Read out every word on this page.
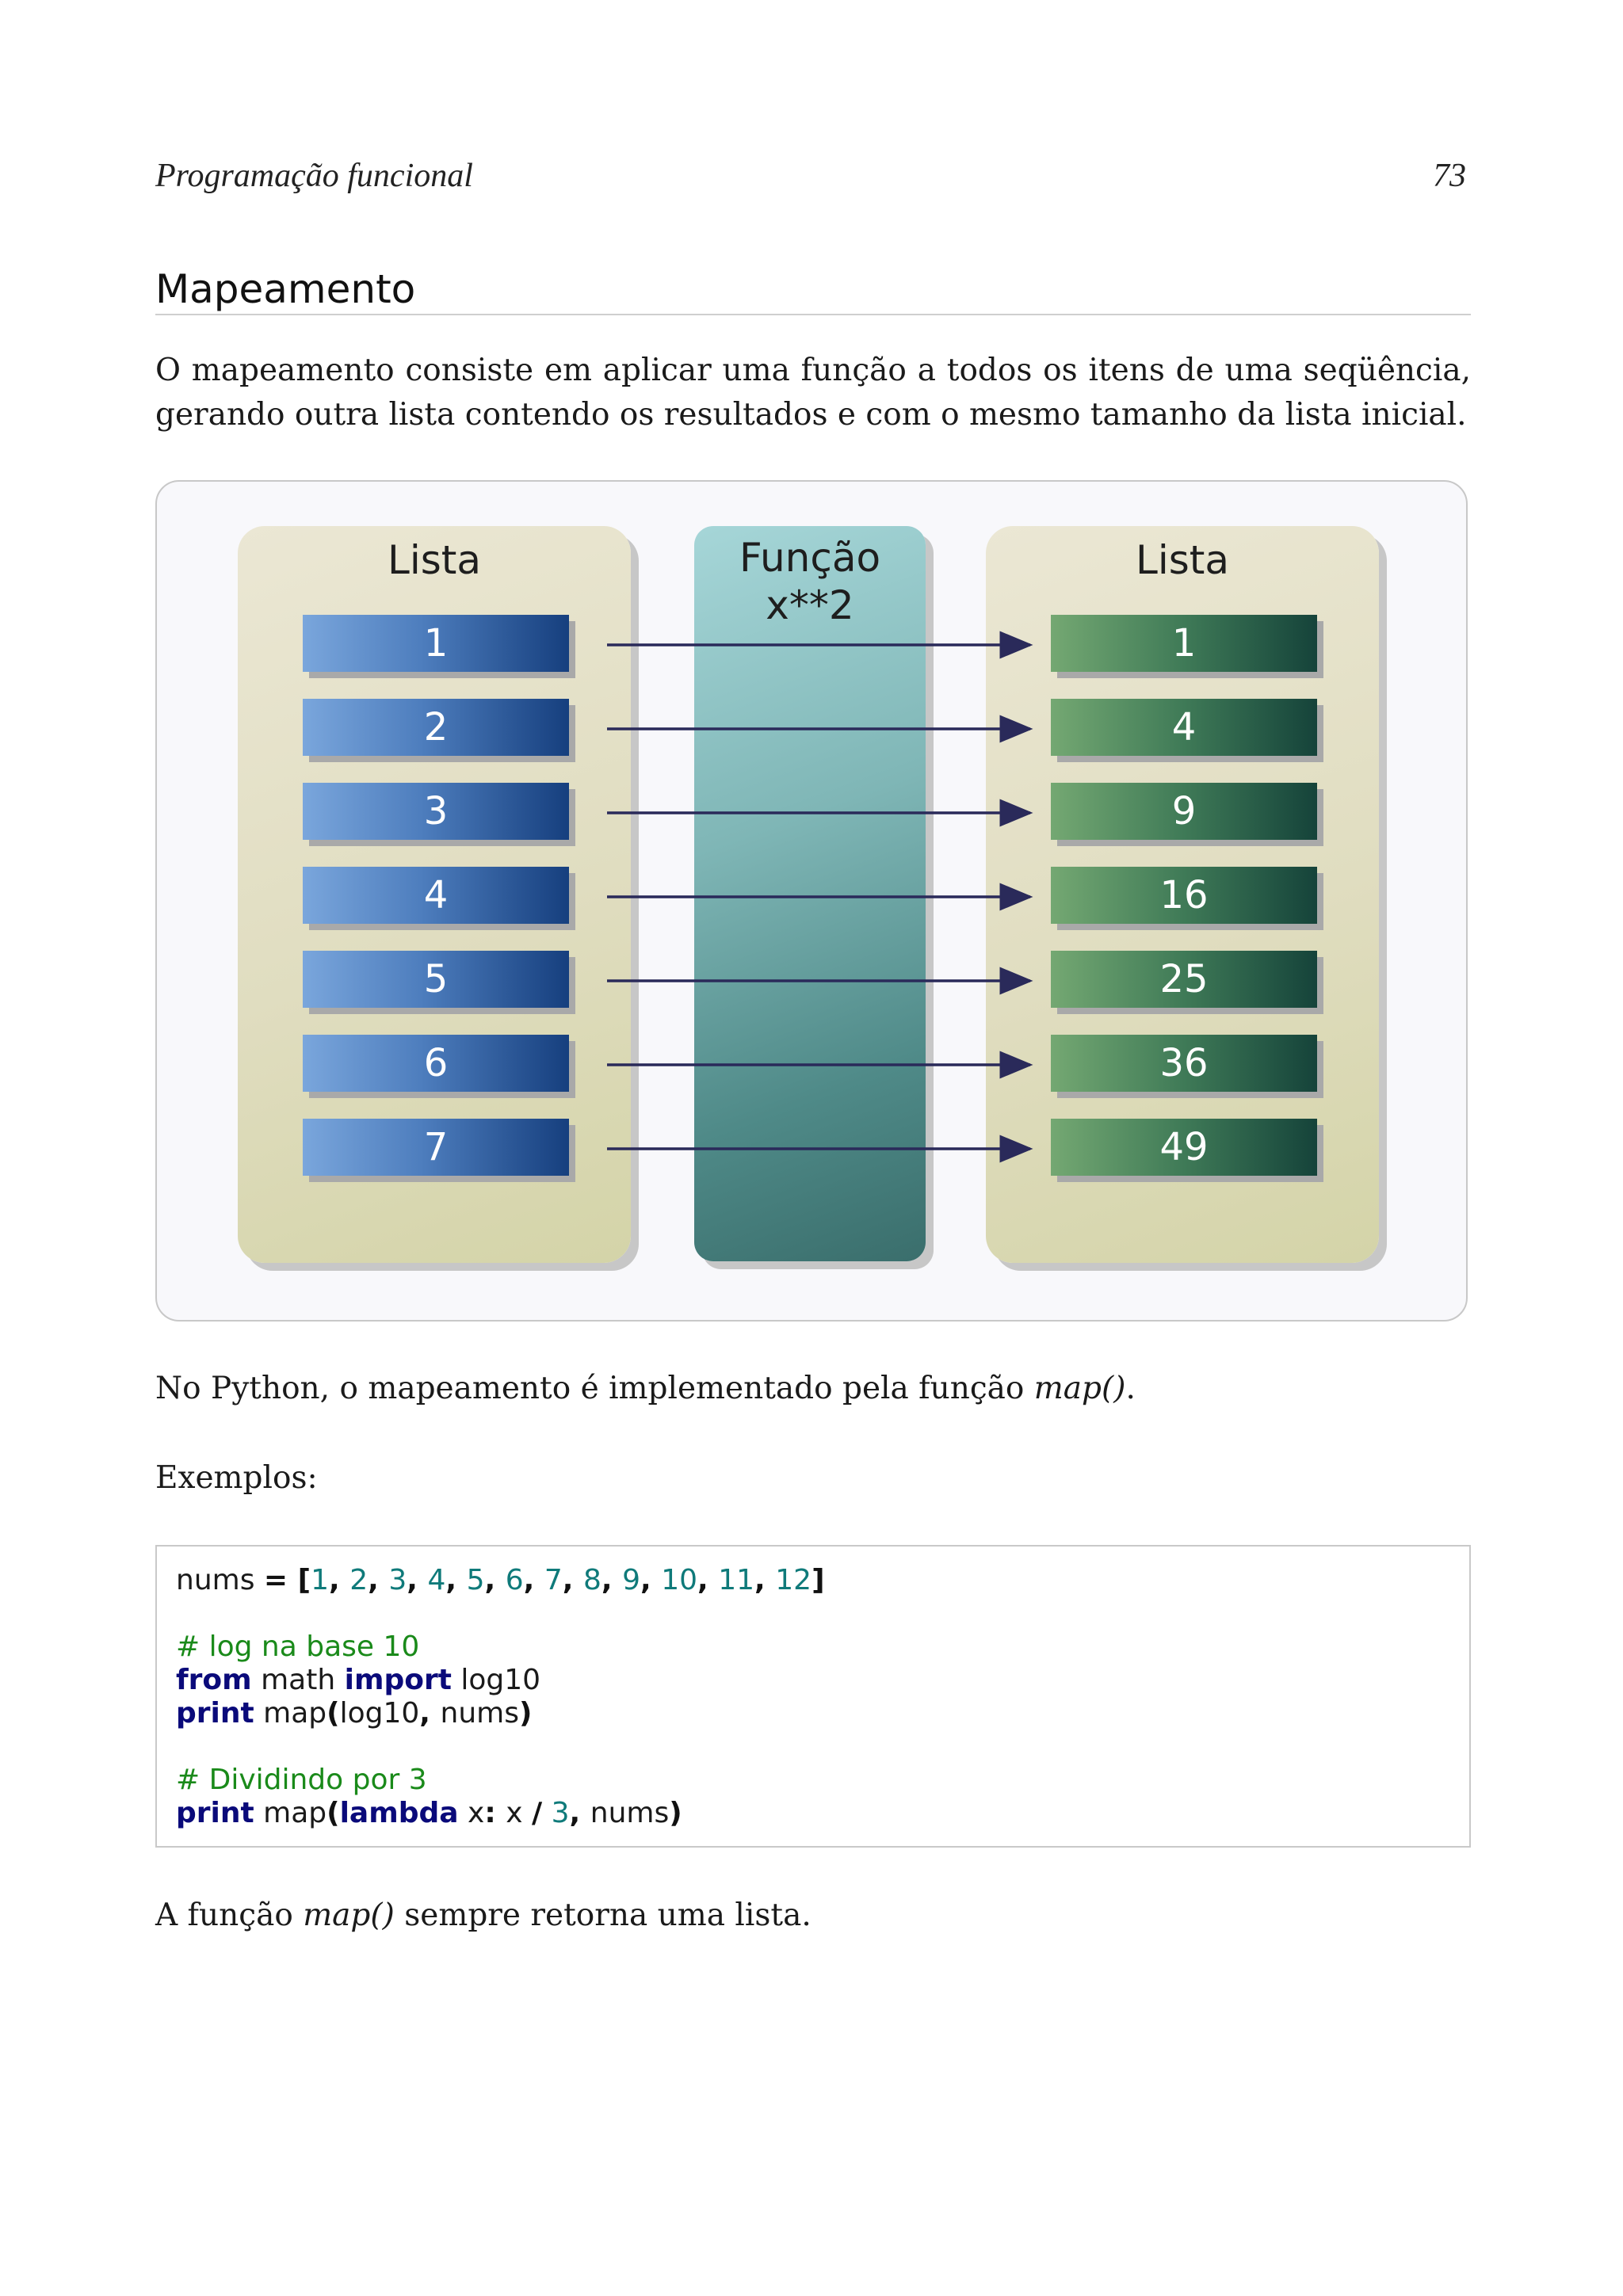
Programação funcional	73
Mapeamento
O mapeamento consiste em aplicar uma função a todos os itens de uma seqüência,
gerando outra lista contendo os resultados e com o mesmo tamanho da lista inicial.
Lista	Função
x**2
Lista
1	1
2	4
3	9
4	16
5	25
6	36
7	49
No Python, o mapeamento é implementado pela função map().
Exemplos:
nums = [1, 2, 3, 4, 5, 6, 7, 8, 9, 10, 11, 12]
# log na base 10
from math import log10
print map(log10, nums)
# Dividindo por 3
print map(lambda x: x / 3, nums)
A função map() sempre retorna uma lista.
